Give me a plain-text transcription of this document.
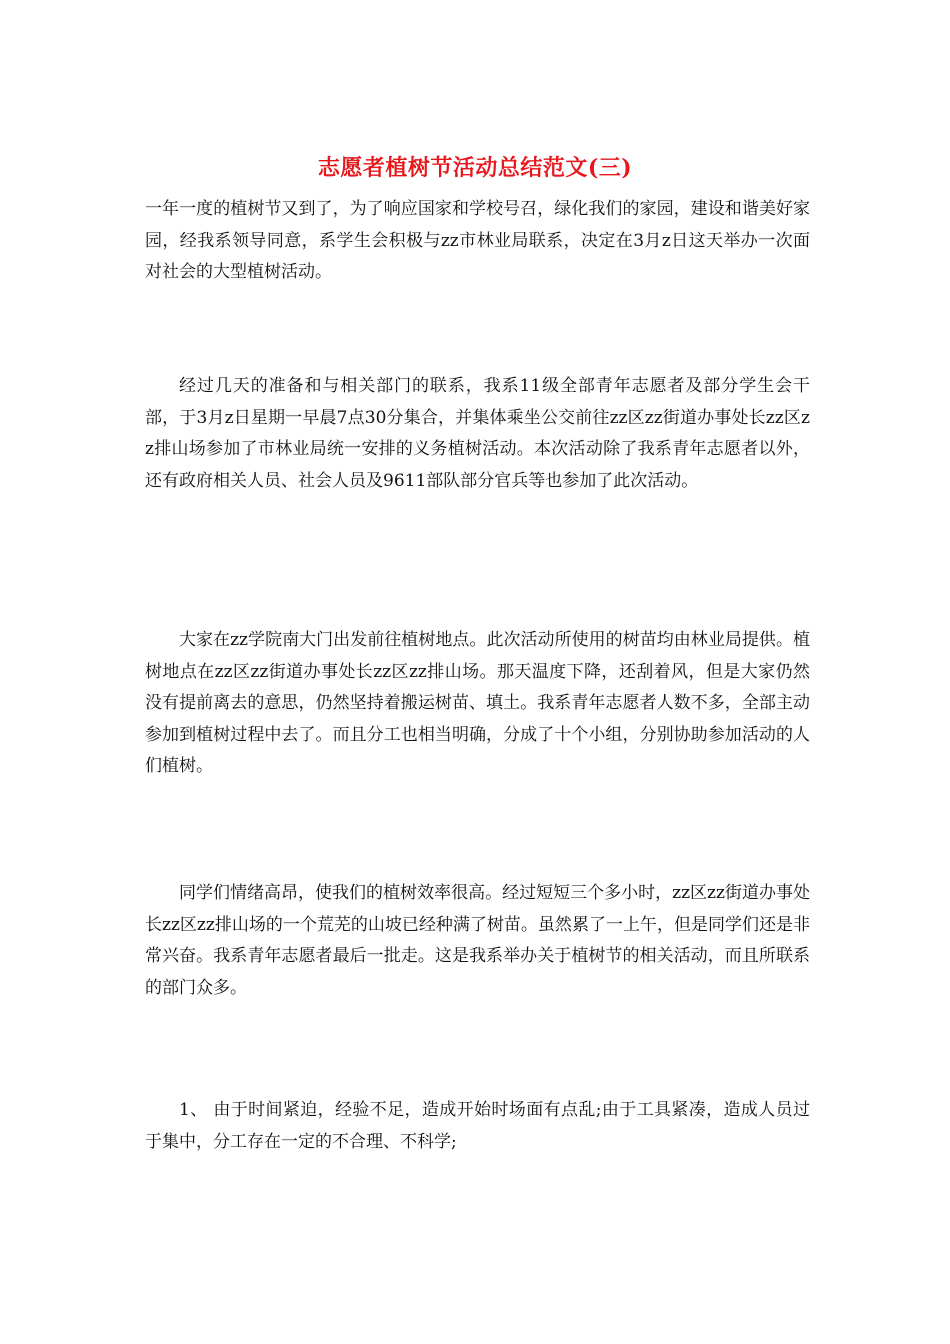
志愿者植树节活动总结范文(三)

一年一度的植树节又到了，为了响应国家和学校号召，绿化我们的家园，建设和谐美好家园，经我系领导同意，系学生会积极与zz市林业局联系，决定在3月z日这天举办一次面对社会的大型植树活动。

经过几天的准备和与相关部门的联系，我系11级全部青年志愿者及部分学生会干部，于3月z日星期一早晨7点30分集合，并集体乘坐公交前往zz区zz街道办事处长zz区zz排山场参加了市林业局统一安排的义务植树活动。本次活动除了我系青年志愿者以外，还有政府相关人员、社会人员及9611部队部分官兵等也参加了此次活动。

大家在zz学院南大门出发前往植树地点。此次活动所使用的树苗均由林业局提供。植树地点在zz区zz街道办事处长zz区zz排山场。那天温度下降，还刮着风，但是大家仍然没有提前离去的意思，仍然坚持着搬运树苗、填土。我系青年志愿者人数不多，全部主动参加到植树过程中去了。而且分工也相当明确，分成了十个小组，分别协助参加活动的人们植树。

同学们情绪高昂，使我们的植树效率很高。经过短短三个多小时，zz区zz街道办事处长zz区zz排山场的一个荒芜的山坡已经种满了树苗。虽然累了一上午，但是同学们还是非常兴奋。我系青年志愿者最后一批走。这是我系举办关于植树节的相关活动，而且所联系的部门众多。

1、 由于时间紧迫，经验不足，造成开始时场面有点乱;由于工具紧凑，造成人员过于集中，分工存在一定的不合理、不科学;
